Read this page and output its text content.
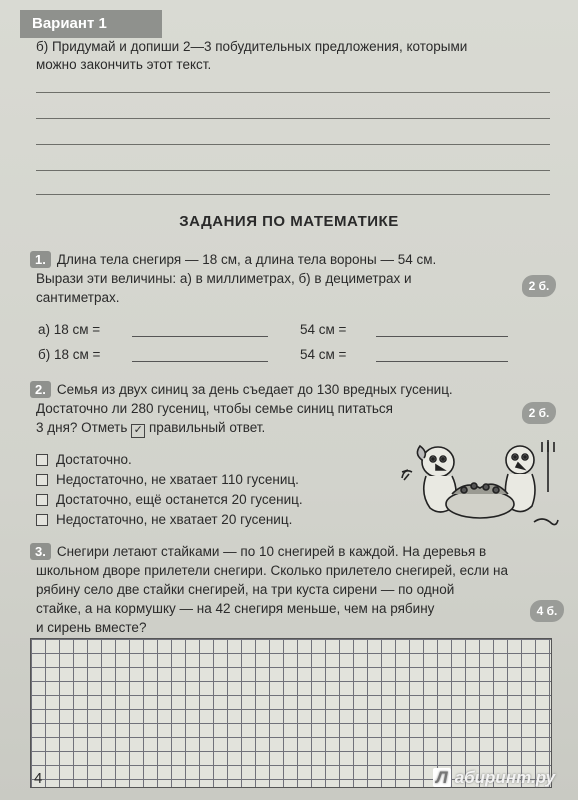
Вариант 1
б) Придумай и допиши 2—3 побудительных предложения, которыми
можно закончить этот текст.
ЗАДАНИЯ ПО МАТЕМАТИКЕ
1. Длина тела снегиря — 18 см, а длина тела вороны — 54 см.
Вырази эти величины: а) в миллиметрах, б) в дециметрах и
сантиметрах.
2 б.
а) 18 см =	54 см =
б) 18 см =	54 см =
2. Семья из двух синиц за день съедает до 130 вредных гусениц.
Достаточно ли 280 гусениц, чтобы семье синиц питаться
3 дня? Отметь ✓ правильный ответ.
2 б.
Достаточно.
Недостаточно, не хватает 110 гусениц.
Достаточно, ещё останется 20 гусениц.
Недостаточно, не хватает 20 гусениц.
3. Снегири летают стайками — по 10 снегирей в каждой. На деревья в
школьном дворе прилетели снегири. Сколько прилетело снегирей, если на
рябину село две стайки снегирей, на три куста сирени — по одной
стайке, а на кормушку — на 42 снегиря меньше, чем на рябину
и сирень вместе?
4 б.
4	Л абиринт.ру
